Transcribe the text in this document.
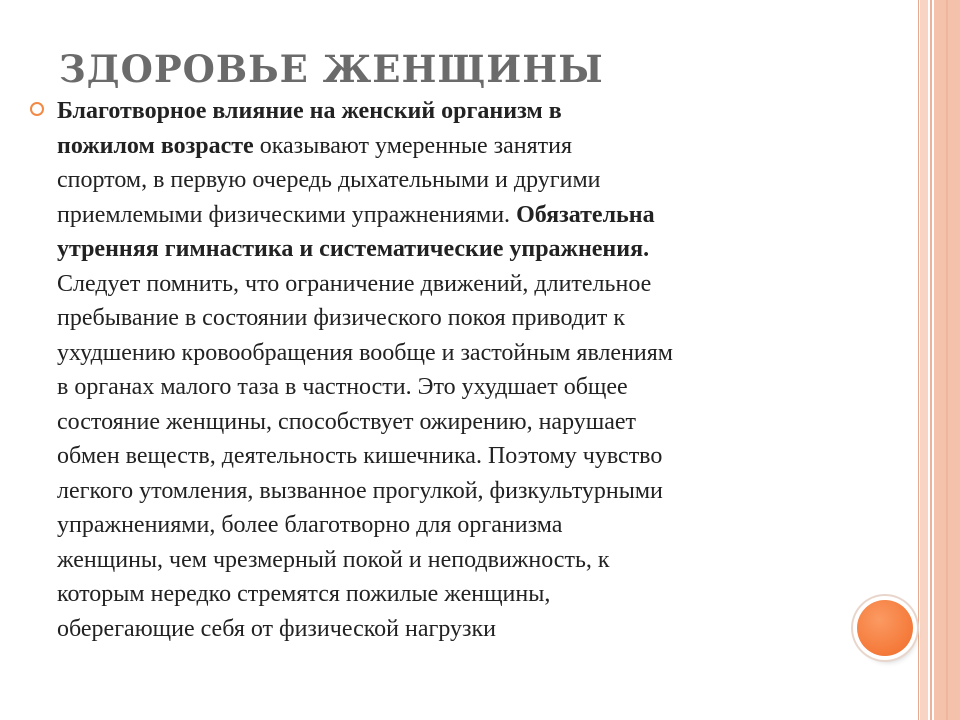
ЗДОРОВЬЕ ЖЕНЩИНЫ

Благотворное влияние на женский организм в
пожилом возрасте оказывают умеренные занятия
спортом, в первую очередь дыхательными и другими
приемлемыми физическими упражнениями. Обязательна
утренняя гимнастика и систематические упражнения.
Следует помнить, что ограничение движений, длительное
пребывание в состоянии физического покоя приводит к
ухудшению кровообращения вообще и застойным явлениям
в органах малого таза в частности. Это ухудшает общее
состояние женщины, способствует ожирению, нарушает
обмен веществ, деятельность кишечника. Поэтому чувство
легкого утомления, вызванное прогулкой, физкультурными
упражнениями, более благотворно для организма
женщины, чем чрезмерный покой и неподвижность, к
которым нередко стремятся пожилые женщины,
оберегающие себя от физической нагрузки
